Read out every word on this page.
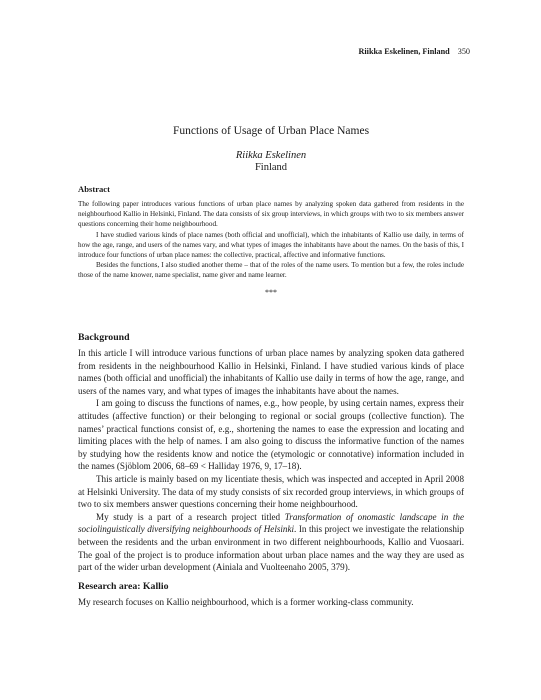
Riikka Eskelinen, Finland 350
Functions of Usage of Urban Place Names

Riikka Eskelinen

Finland

Abstract

The following paper introduces various functions of urban place names by analyzing spoken data gathered from residents in the neighbourhood Kallio in Helsinki, Finland. The data consists of six group interviews, in which groups with two to six members answer questions concerning their home neighbourhood.

I have studied various kinds of place names (both official and unofficial), which the inhabitants of Kallio use daily, in terms of how the age, range, and users of the names vary, and what types of images the inhabitants have about the names. On the basis of this, I introduce four functions of urban place names: the collective, practical, affective and informative functions.

Besides the functions, I also studied another theme – that of the roles of the name users. To mention but a few, the roles include those of the name knower, name specialist, name giver and name learner.

***
Background

In this article I will introduce various functions of urban place names by analyzing spoken data gathered from residents in the neighbourhood Kallio in Helsinki, Finland. I have studied various kinds of place names (both official and unofficial) the inhabitants of Kallio use daily in terms of how the age, range, and users of the names vary, and what types of images the inhabitants have about the names.

I am going to discuss the functions of names, e.g., how people, by using certain names, express their attitudes (affective function) or their belonging to regional or social groups (collective function). The names’ practical functions consist of, e.g., shortening the names to ease the expression and locating and limiting places with the help of names. I am also going to discuss the informative function of the names by studying how the residents know and notice the (etymologic or connotative) information included in the names (Sjöblom 2006, 68–69 < Halliday 1976, 9, 17–18).

This article is mainly based on my licentiate thesis, which was inspected and accepted in April 2008 at Helsinki University. The data of my study consists of six recorded group interviews, in which groups of two to six members answer questions concerning their home neighbourhood.

My study is a part of a research project titled Transformation of onomastic landscape in the sociolinguistically diversifying neighbourhoods of Helsinki. In this project we investigate the relationship between the residents and the urban environment in two different neighbourhoods, Kallio and Vuosaari. The goal of the project is to produce information about urban place names and the way they are used as part of the wider urban development (Ainiala and Vuolteenaho 2005, 379).

Research area: Kallio

My research focuses on Kallio neighbourhood, which is a former working-class community.
